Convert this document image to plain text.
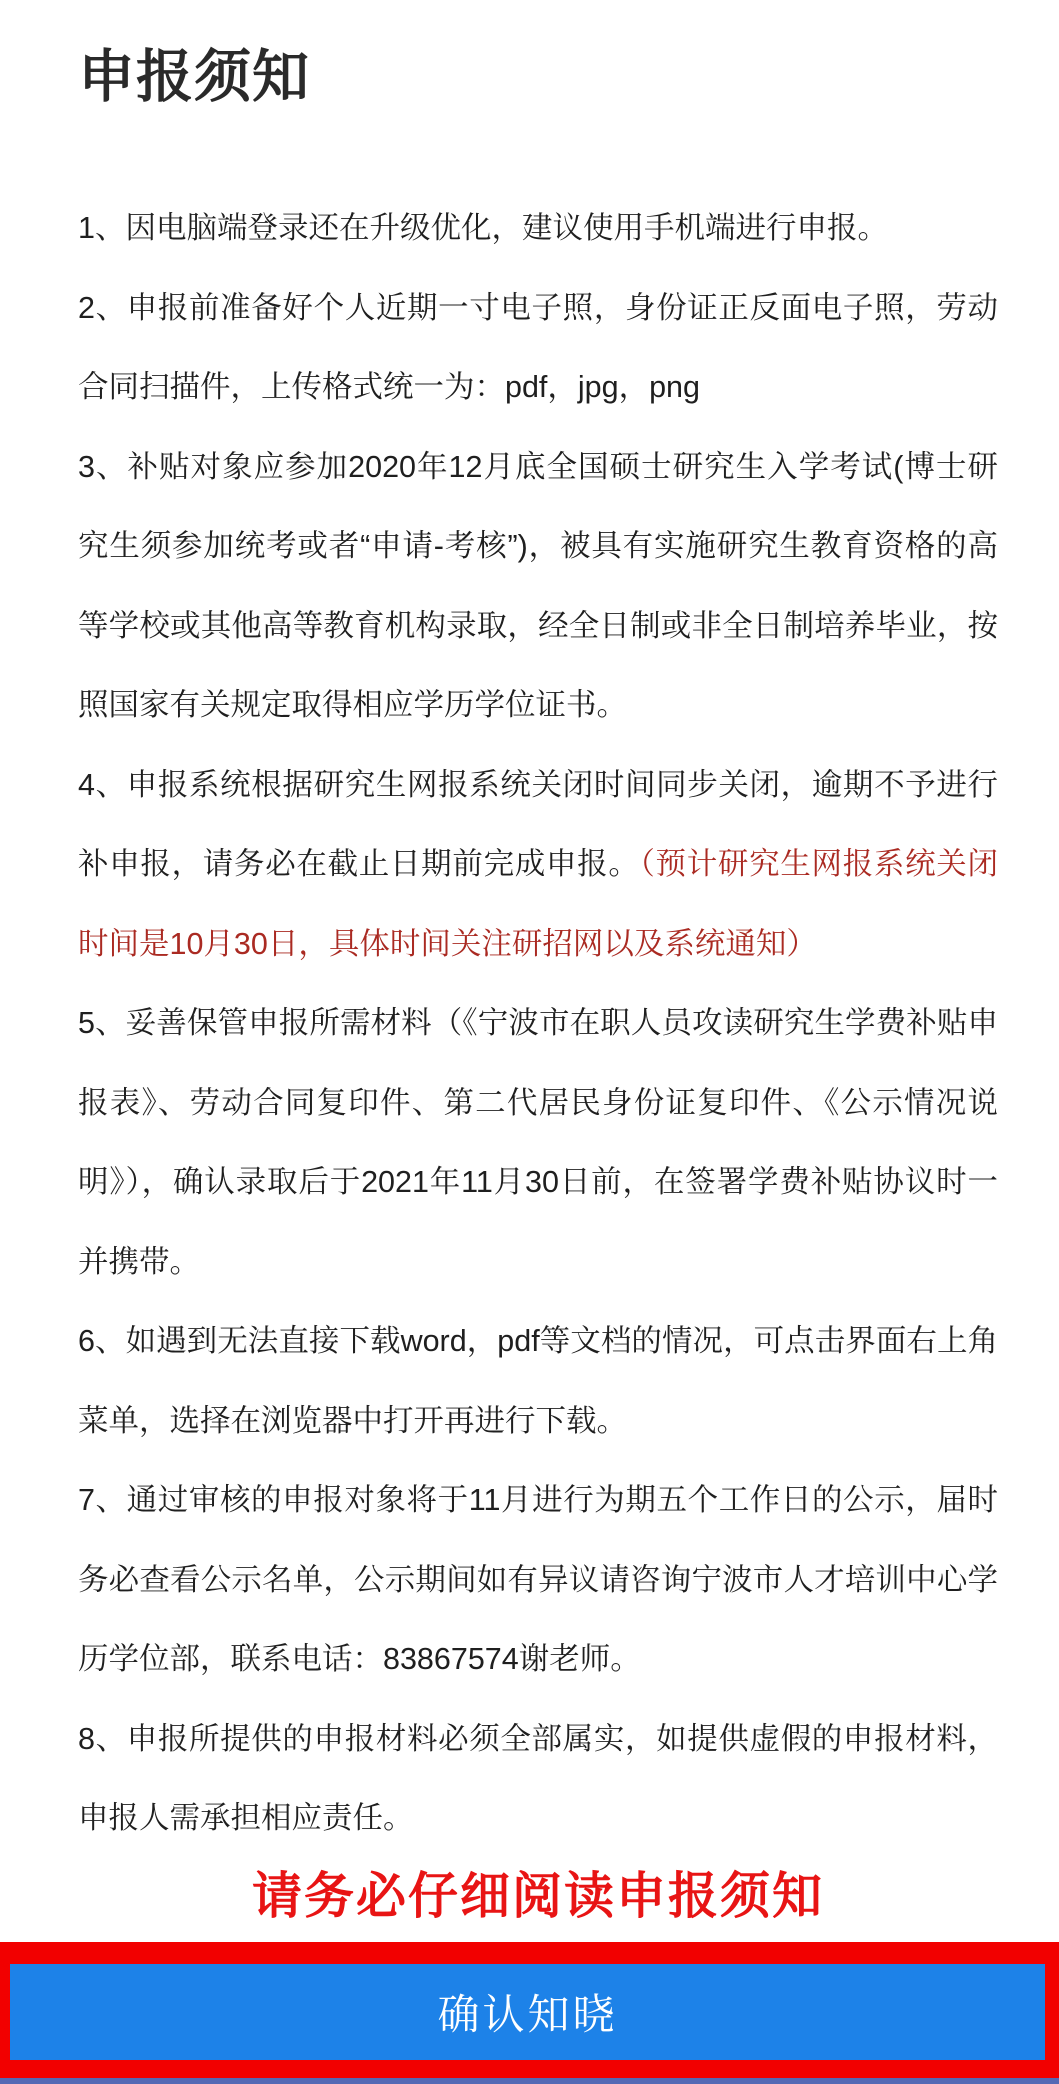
申报须知

1、因电脑端登录还在升级优化，建议使用手机端进行申报。

2、申报前准备好个人近期一寸电子照，身份证正反面电子照，劳动合同扫描件，上传格式统一为：pdf，jpg，png

3、补贴对象应参加2020年12月底全国硕士研究生入学考试(博士研究生须参加统考或者“申请-考核”)，被具有实施研究生教育资格的高等学校或其他高等教育机构录取，经全日制或非全日制培养毕业，按照国家有关规定取得相应学历学位证书。

4、申报系统根据研究生网报系统关闭时间同步关闭，逾期不予进行补申报，请务必在截止日期前完成申报。（预计研究生网报系统关闭时间是10月30日，具体时间关注研招网以及系统通知）

5、妥善保管申报所需材料（《宁波市在职人员攻读研究生学费补贴申报表》、劳动合同复印件、第二代居民身份证复印件、《公示情况说明》），确认录取后于2021年11月30日前，在签署学费补贴协议时一并携带。

6、如遇到无法直接下载word，pdf等文档的情况，可点击界面右上角菜单，选择在浏览器中打开再进行下载。

7、通过审核的申报对象将于11月进行为期五个工作日的公示，届时务必查看公示名单，公示期间如有异议请咨询宁波市人才培训中心学历学位部，联系电话：83867574谢老师。

8、申报所提供的申报材料必须全部属实，如提供虚假的申报材料，申报人需承担相应责任。

请务必仔细阅读申报须知
确认知晓
